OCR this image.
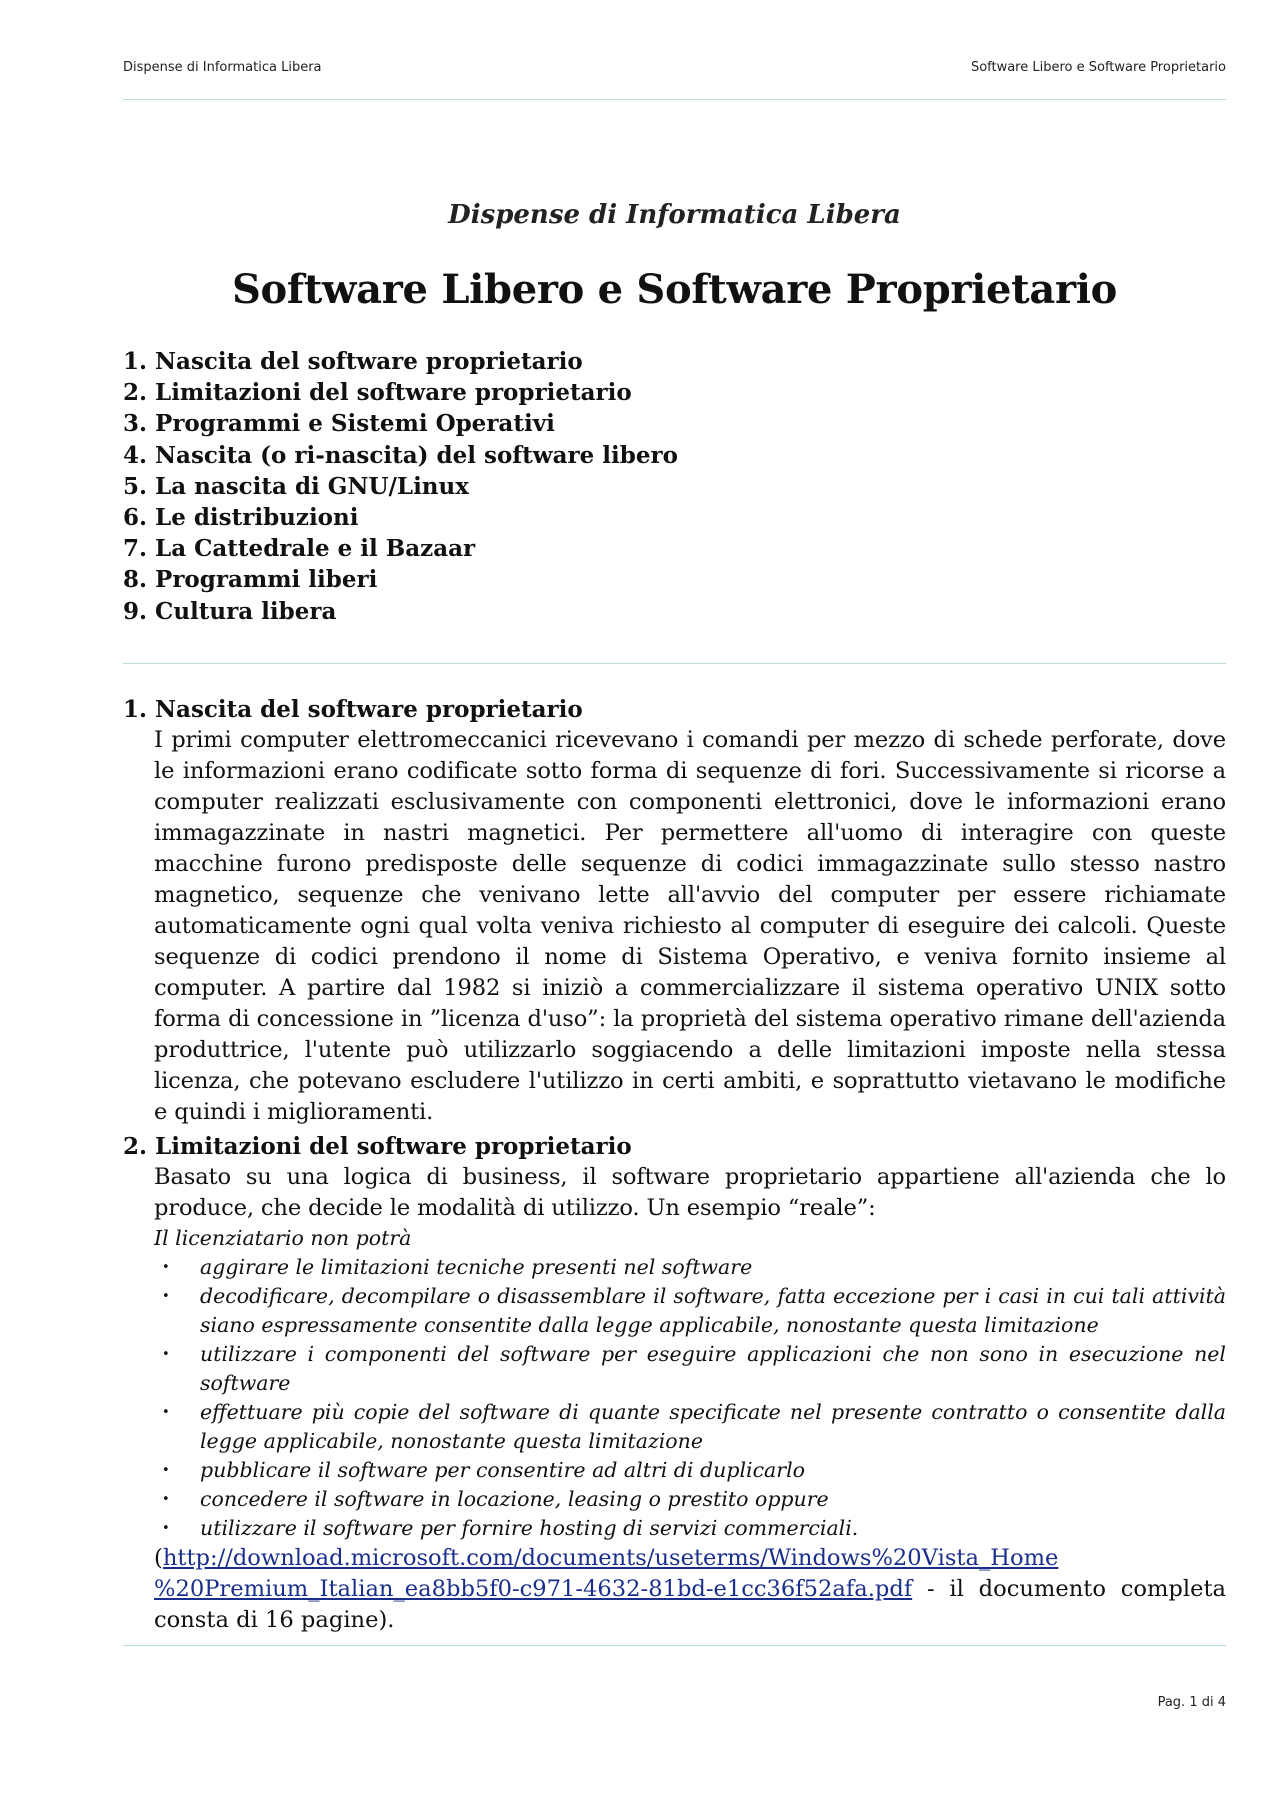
Dispense di Informatica Libera	Software Libero e Software Proprietario
Dispense di Informatica Libera
Software Libero e Software Proprietario
1. Nascita del software proprietario
2. Limitazioni del software proprietario
3. Programmi e Sistemi Operativi
4. Nascita (o ri-nascita) del software libero
5. La nascita di GNU/Linux
6. Le distribuzioni
7. La Cattedrale e il Bazaar
8. Programmi liberi
9. Cultura libera
1. Nascita del software proprietario

I primi computer elettromeccanici ricevevano i comandi per mezzo di schede perforate, dove le informazioni erano codificate sotto forma di sequenze di fori. Successivamente si ricorse a computer realizzati esclusivamente con componenti elettronici, dove le informazioni erano immagazzinate in nastri magnetici. Per permettere all'uomo di interagire con queste macchine furono predisposte delle sequenze di codici immagazzinate sullo stesso nastro magnetico, sequenze che venivano lette all'avvio del computer per essere richiamate automaticamente ogni qual volta veniva richiesto al computer di eseguire dei calcoli. Queste sequenze di codici prendono il nome di Sistema Operativo, e veniva fornito insieme al computer. A partire dal 1982 si iniziò a commercializzare il sistema operativo UNIX sotto forma di concessione in ”licenza d'uso”: la proprietà del sistema operativo rimane dell'azienda produttrice, l'utente può utilizzarlo soggiacendo a delle limitazioni imposte nella stessa licenza, che potevano escludere l'utilizzo in certi ambiti, e soprattutto vietavano le modifiche e quindi i miglioramenti.

2. Limitazioni del software proprietario

Basato su una logica di business, il software proprietario appartiene all'azienda che lo produce, che decide le modalità di utilizzo. Un esempio “reale”:

Il licenziatario non potrà
• aggirare le limitazioni tecniche presenti nel software
• decodificare, decompilare o disassemblare il software, fatta eccezione per i casi in cui tali attività siano espressamente consentite dalla legge applicabile, nonostante questa limitazione
• utilizzare i componenti del software per eseguire applicazioni che non sono in esecuzione nel software
• effettuare più copie del software di quante specificate nel presente contratto o consentite dalla legge applicabile, nonostante questa limitazione
• pubblicare il software per consentire ad altri di duplicarlo
• concedere il software in locazione, leasing o prestito oppure
• utilizzare il software per fornire hosting di servizi commerciali.
(http://download.microsoft.com/documents/useterms/Windows%20Vista_Home
%20Premium_Italian_ea8bb5f0-c971-4632-81bd-e1cc36f52afa.pdf - il documento completa consta di 16 pagine).
Pag. 1 di 4
